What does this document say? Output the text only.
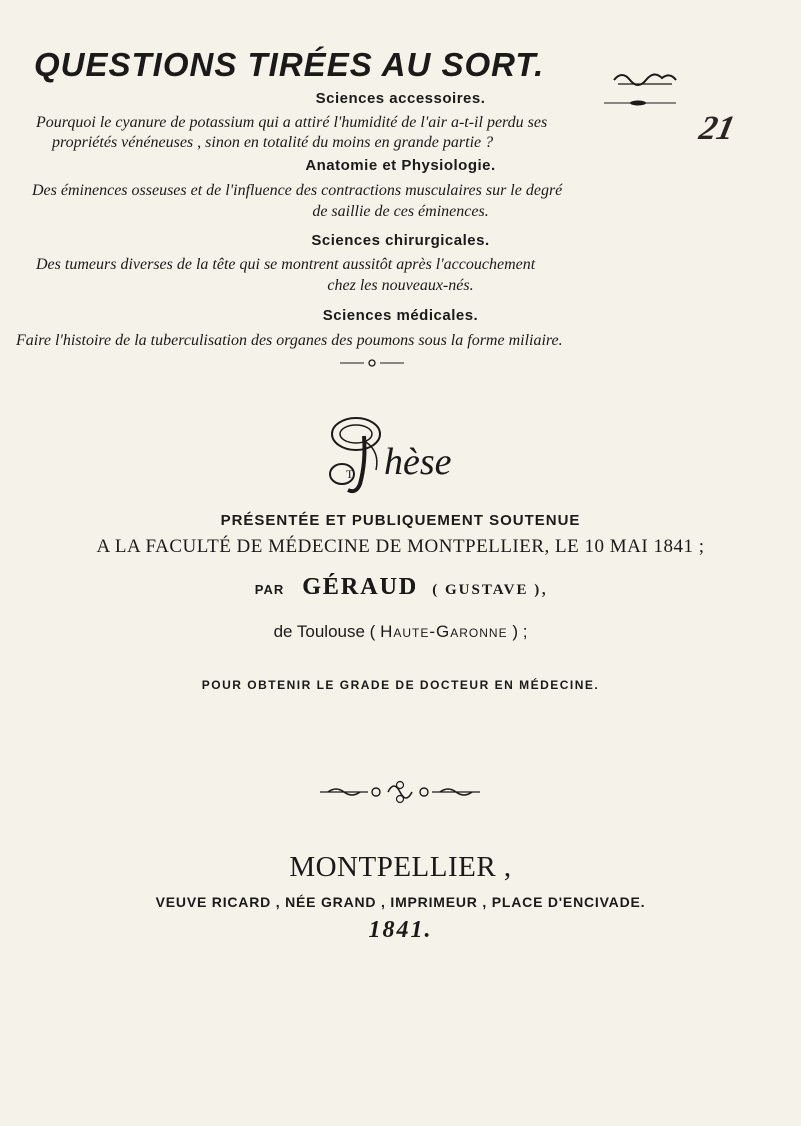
QUESTIONS TIRÉES AU SORT.
21
Sciences accessoires.

Pourquoi le cyanure de potassium qui a attiré l'humidité de l'air a-t-il perdu ses

propriétés vénéneuses , sinon en totalité du moins en grande partie ?

Anatomie et Physiologie.

Des éminences osseuses et de l'influence des contractions musculaires sur le degré

de saillie de ces éminences.

Sciences chirurgicales.

Des tumeurs diverses de la tête qui se montrent aussitôt après l'accouchement

chez les nouveaux-nés.

Sciences médicales.

Faire l'histoire de la tuberculisation des organes des poumons sous la forme miliaire.

T hèse

PRÉSENTÉE ET PUBLIQUEMENT SOUTENUE

A LA FACULTÉ DE MÉDECINE DE MONTPELLIER, LE 10 MAI 1841 ;

PAR GÉRAUD ( GUSTAVE ),

de Toulouse ( Haute-Garonne ) ;

POUR OBTENIR LE GRADE DE DOCTEUR EN MÉDECINE.

MONTPELLIER ,

VEUVE RICARD , NÉE GRAND , IMPRIMEUR , PLACE D'ENCIVADE.

1841.
